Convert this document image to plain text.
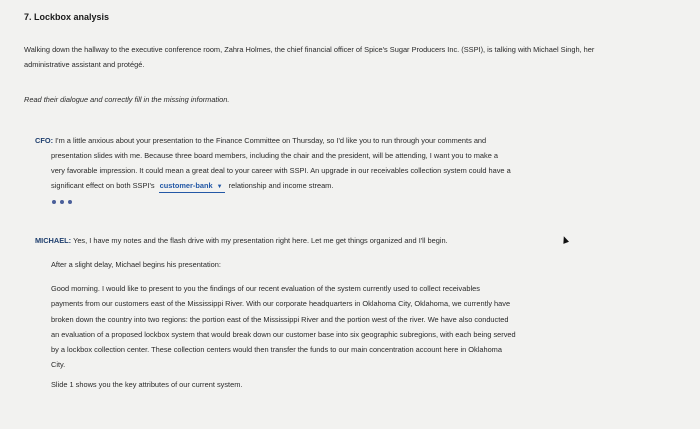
7. Lockbox analysis
Walking down the hallway to the executive conference room, Zahra Holmes, the chief financial officer of Spice's Sugar Producers Inc. (SSPI), is talking with Michael Singh, her administrative assistant and protégé.
Read their dialogue and correctly fill in the missing information.
CFO: I'm a little anxious about your presentation to the Finance Committee on Thursday, so I'd like you to run through your comments and
presentation slides with me. Because three board members, including the chair and the president, will be attending, I want you to make a
very favorable impression. It could mean a great deal to your career with SSPI. An upgrade in our receivables collection system could have a
significant effect on both SSPI's customer-bank ▼ relationship and income stream.
MICHAEL: Yes, I have my notes and the flash drive with my presentation right here. Let me get things organized and I'll begin.
After a slight delay, Michael begins his presentation:
Good morning. I would like to present to you the findings of our recent evaluation of the system currently used to collect receivables
payments from our customers east of the Mississippi River. With our corporate headquarters in Oklahoma City, Oklahoma, we currently have
broken down the country into two regions: the portion east of the Mississippi River and the portion west of the river. We have also conducted
an evaluation of a proposed lockbox system that would break down our customer base into six geographic subregions, with each being served
by a lockbox collection center. These collection centers would then transfer the funds to our main concentration account here in Oklahoma
City.
Slide 1 shows you the key attributes of our current system.
